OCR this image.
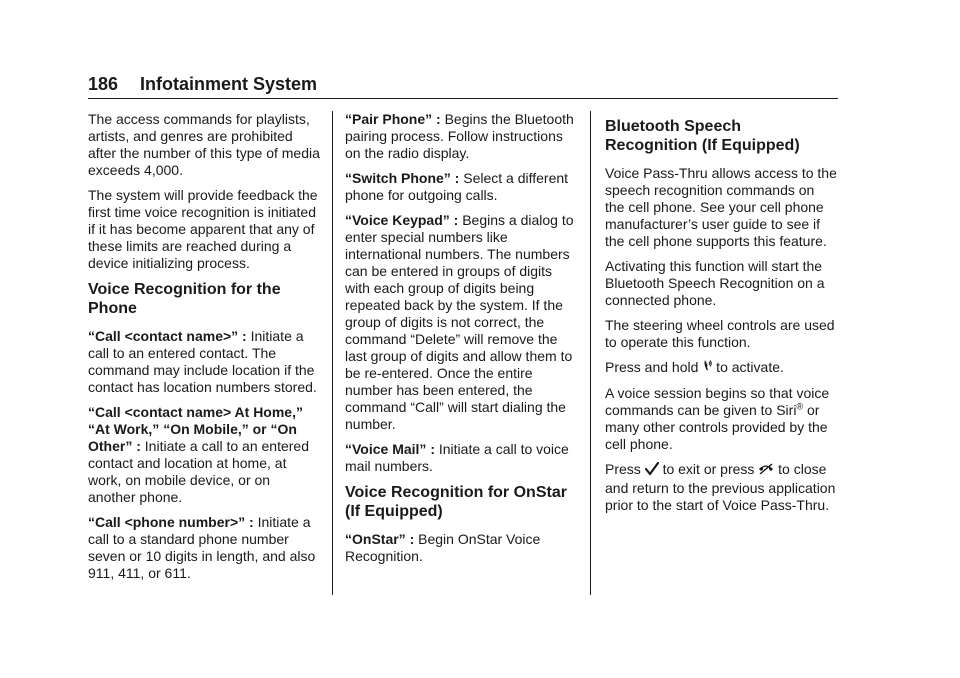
186 Infotainment System

The access commands for playlists, artists, and genres are prohibited after the number of this type of media exceeds 4,000.

The system will provide feedback the first time voice recognition is initiated if it has become apparent that any of these limits are reached during a device initializing process.

Voice Recognition for the Phone

“Call <contact name>” : Initiate a call to an entered contact. The command may include location if the contact has location numbers stored.

“Call <contact name> At Home,” “At Work,” “On Mobile,” or “On Other” : Initiate a call to an entered contact and location at home, at work, on mobile device, or on another phone.

“Call <phone number>” : Initiate a call to a standard phone number seven or 10 digits in length, and also 911, 411, or 611.

“Pair Phone” : Begins the Bluetooth pairing process. Follow instructions on the radio display.

“Switch Phone” : Select a different phone for outgoing calls.

“Voice Keypad” : Begins a dialog to enter special numbers like international numbers. The numbers can be entered in groups of digits with each group of digits being repeated back by the system. If the group of digits is not correct, the command “Delete” will remove the last group of digits and allow them to be re-entered. Once the entire number has been entered, the command “Call” will start dialing the number.

“Voice Mail” : Initiate a call to voice mail numbers.

Voice Recognition for OnStar (If Equipped)

“OnStar” : Begin OnStar Voice Recognition.

Bluetooth Speech Recognition (If Equipped)

Voice Pass-Thru allows access to the speech recognition commands on the cell phone. See your cell phone manufacturer’s user guide to see if the cell phone supports this feature.

Activating this function will start the Bluetooth Speech Recognition on a connected phone.

The steering wheel controls are used to operate this function.

Press and hold  to activate.

A voice session begins so that voice commands can be given to Siri® or many other controls provided by the cell phone.

Press  to exit or press  to close and return to the previous application prior to the start of Voice Pass-Thru.
